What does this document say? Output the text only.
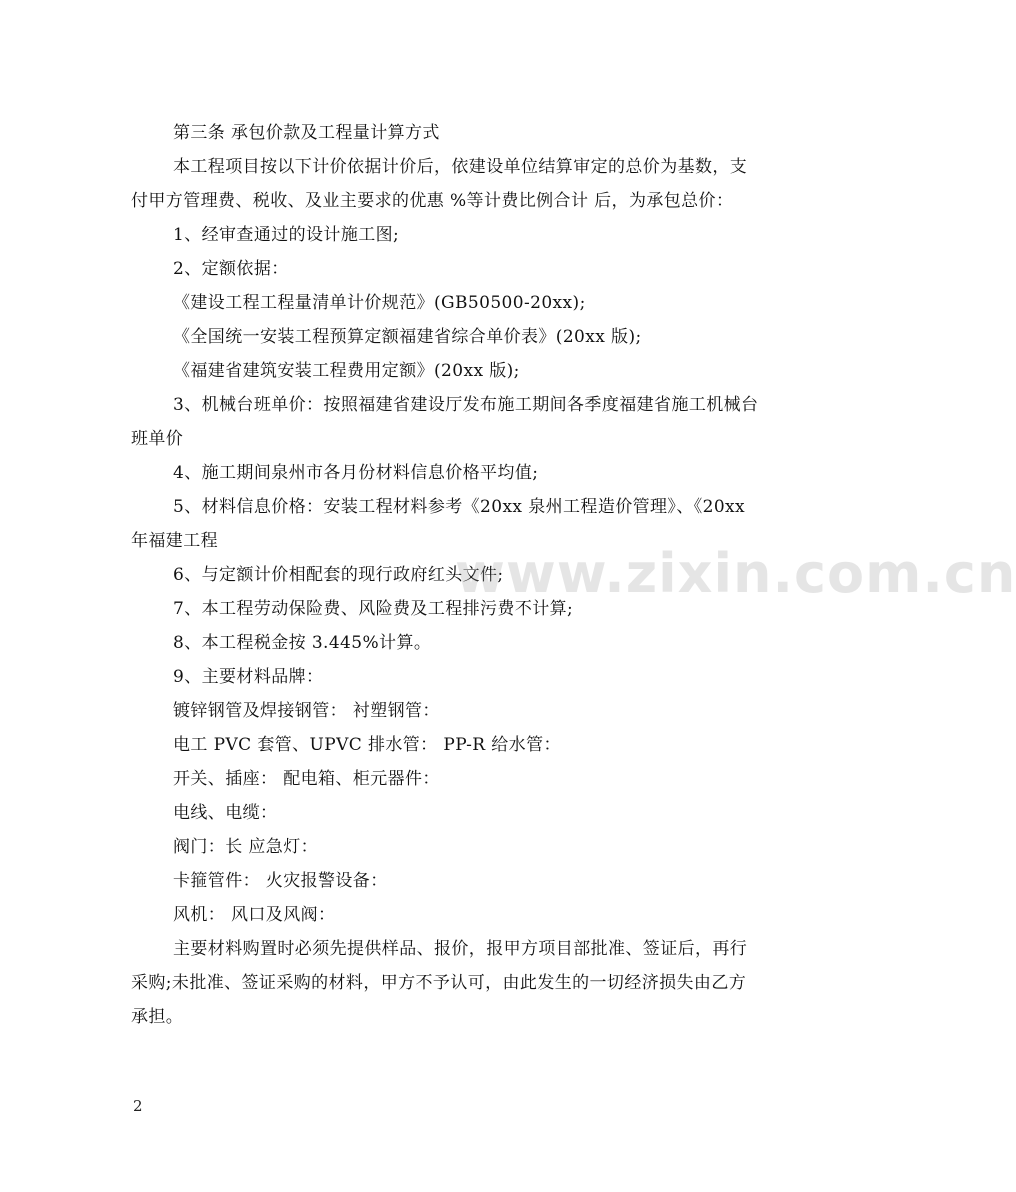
第三条 承包价款及工程量计算方式
本工程项目按以下计价依据计价后，依建设单位结算审定的总价为基数，支
付甲方管理费、税收、及业主要求的优惠 %等计费比例合计 后，为承包总价：
1、经审查通过的设计施工图;
2、定额依据：
《建设工程工程量清单计价规范》(GB50500-20xx);
《全国统一安装工程预算定额福建省综合单价表》(20xx 版);
《福建省建筑安装工程费用定额》(20xx 版);
3、机械台班单价：按照福建省建设厅发布施工期间各季度福建省施工机械台
班单价
4、施工期间泉州市各月份材料信息价格平均值;
5、材料信息价格：安装工程材料参考《20xx 泉州工程造价管理》、《20xx
年福建工程
6、与定额计价相配套的现行政府红头文件;
7、本工程劳动保险费、风险费及工程排污费不计算;
8、本工程税金按 3.445%计算。
9、主要材料品牌：
镀锌钢管及焊接钢管： 衬塑钢管：
电工 PVC 套管、UPVC 排水管： PP-R 给水管：
开关、插座： 配电箱、柜元器件：
电线、电缆：
阀门：长 应急灯：
卡箍管件： 火灾报警设备：
风机： 风口及风阀：
主要材料购置时必须先提供样品、报价，报甲方项目部批准、签证后，再行
采购;未批准、签证采购的材料，甲方不予认可，由此发生的一切经济损失由乙方
承担。
www.zixin.com.cn
2
